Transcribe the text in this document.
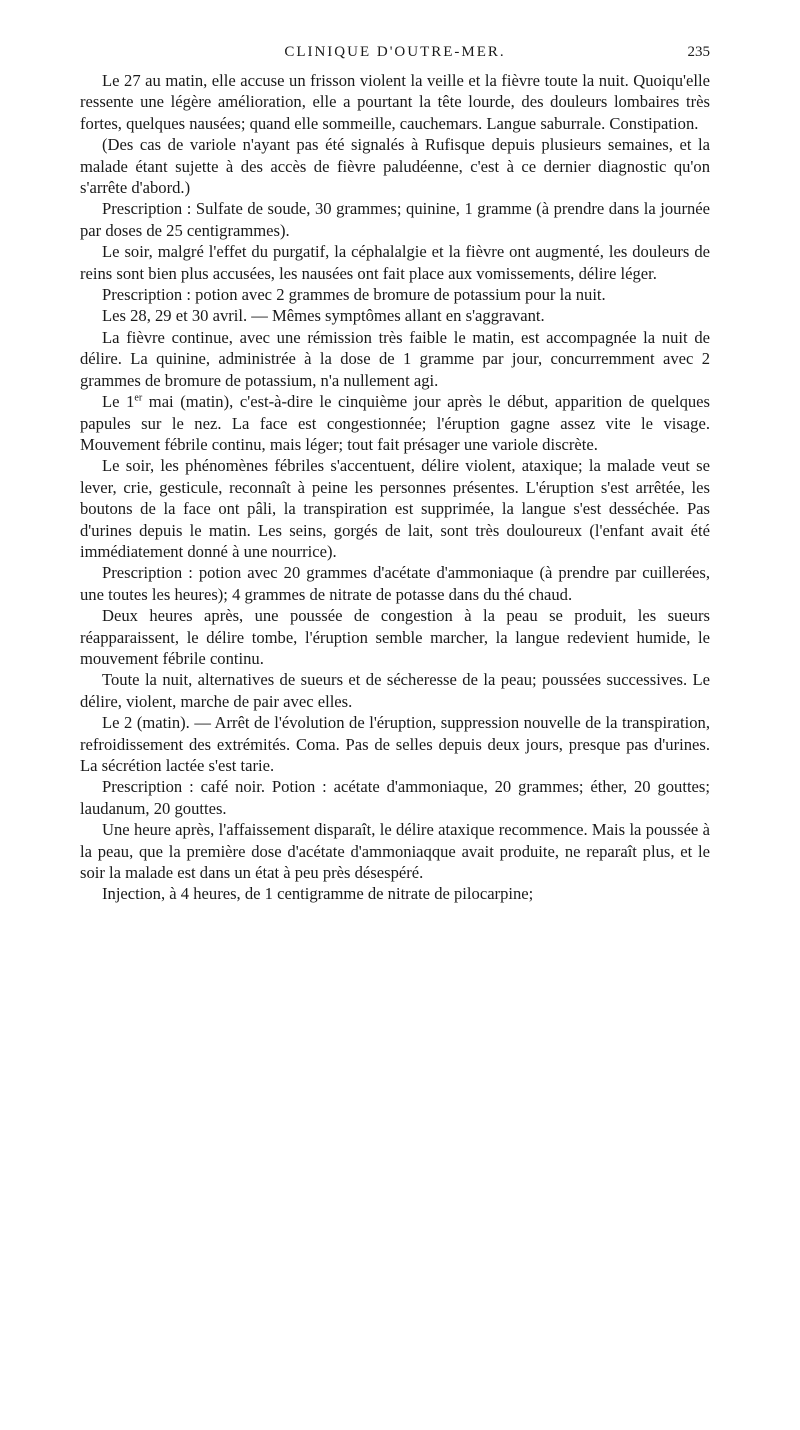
CLINIQUE D'OUTRE-MER.	235

Le 27 au matin, elle accuse un frisson violent la veille et la fièvre toute la nuit. Quoiqu'elle ressente une légère amélioration, elle a pourtant la tête lourde, des douleurs lombaires très fortes, quelques nausées; quand elle sommeille, cauchemars. Langue saburrale. Constipation.

(Des cas de variole n'ayant pas été signalés à Rufisque depuis plusieurs semaines, et la malade étant sujette à des accès de fièvre paludéenne, c'est à ce dernier diagnostic qu'on s'arrête d'abord.)

Prescription : Sulfate de soude, 30 grammes; quinine, 1 gramme (à prendre dans la journée par doses de 25 centigrammes).

Le soir, malgré l'effet du purgatif, la céphalalgie et la fièvre ont augmenté, les douleurs de reins sont bien plus accusées, les nausées ont fait place aux vomissements, délire léger.

Prescription : potion avec 2 grammes de bromure de potassium pour la nuit.

Les 28, 29 et 30 avril. — Mêmes symptômes allant en s'aggravant.

La fièvre continue, avec une rémission très faible le matin, est accompagnée la nuit de délire. La quinine, administrée à la dose de 1 gramme par jour, concurremment avec 2 grammes de bromure de potassium, n'a nullement agi.

Le 1er mai (matin), c'est-à-dire le cinquième jour après le début, apparition de quelques papules sur le nez. La face est congestionnée; l'éruption gagne assez vite le visage. Mouvement fébrile continu, mais léger; tout fait présager une variole discrète.

Le soir, les phénomènes fébriles s'accentuent, délire violent, ataxique; la malade veut se lever, crie, gesticule, reconnaît à peine les personnes présentes. L'éruption s'est arrêtée, les boutons de la face ont pâli, la transpiration est supprimée, la langue s'est desséchée. Pas d'urines depuis le matin. Les seins, gorgés de lait, sont très douloureux (l'enfant avait été immédiatement donné à une nourrice).

Prescription : potion avec 20 grammes d'acétate d'ammoniaque (à prendre par cuillerées, une toutes les heures); 4 grammes de nitrate de potasse dans du thé chaud.

Deux heures après, une poussée de congestion à la peau se produit, les sueurs réapparaissent, le délire tombe, l'éruption semble marcher, la langue redevient humide, le mouvement fébrile continu.

Toute la nuit, alternatives de sueurs et de sécheresse de la peau; poussées successives. Le délire, violent, marche de pair avec elles.

Le 2 (matin). — Arrêt de l'évolution de l'éruption, suppression nouvelle de la transpiration, refroidissement des extrémités. Coma. Pas de selles depuis deux jours, presque pas d'urines. La sécrétion lactée s'est tarie.

Prescription : café noir. Potion : acétate d'ammoniaque, 20 grammes; éther, 20 gouttes; laudanum, 20 gouttes.

Une heure après, l'affaissement disparaît, le délire ataxique recommence. Mais la poussée à la peau, que la première dose d'acétate d'ammoniaqque avait produite, ne reparaît plus, et le soir la malade est dans un état à peu près désespéré.

Injection, à 4 heures, de 1 centigramme de nitrate de pilocarpine;
